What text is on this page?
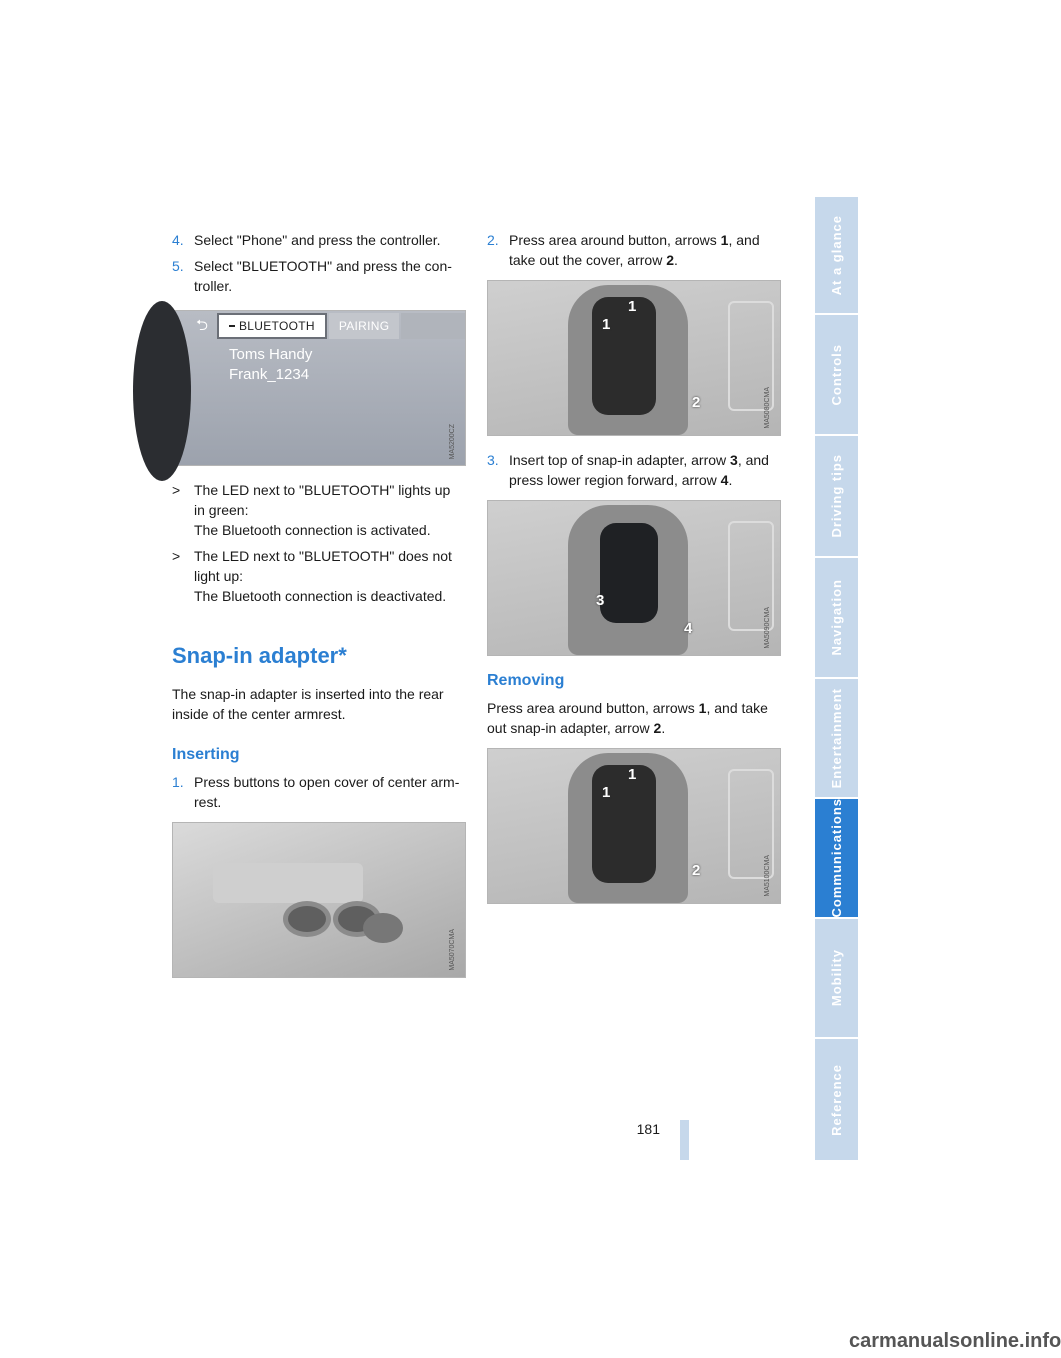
4. Select "Phone" and press the controller.
5. Select "BLUETOOTH" and press the con-troller.
⮌	BLUETOOTH PAIRING
Toms Handy
Frank_1234
MA5200CZ
> The LED next to "BLUETOOTH" lights up
in green:
The Bluetooth connection is activated.
> The LED next to "BLUETOOTH" does not
light up:
The Bluetooth connection is deactivated.
Snap-in adapter*

The snap-in adapter is inserted into the rear inside of the center armrest.

Inserting
1. Press buttons to open cover of center arm-rest.
MA5070CMA
2. Press area around button, arrows 1, and take out the cover, arrow 2.
1
1
2	MA5080CMA
3. Insert top of snap-in adapter, arrow 3, and press lower region forward, arrow 4.
3
4	MA5090CMA
Removing

Press area around button, arrows 1, and take out snap-in adapter, arrow 2.

1
1
2	MA5100CMA
181
At a glance
Controls
Driving tips
Navigation
Entertainment
Communications
Mobility
Reference
carmanualsonline.info
